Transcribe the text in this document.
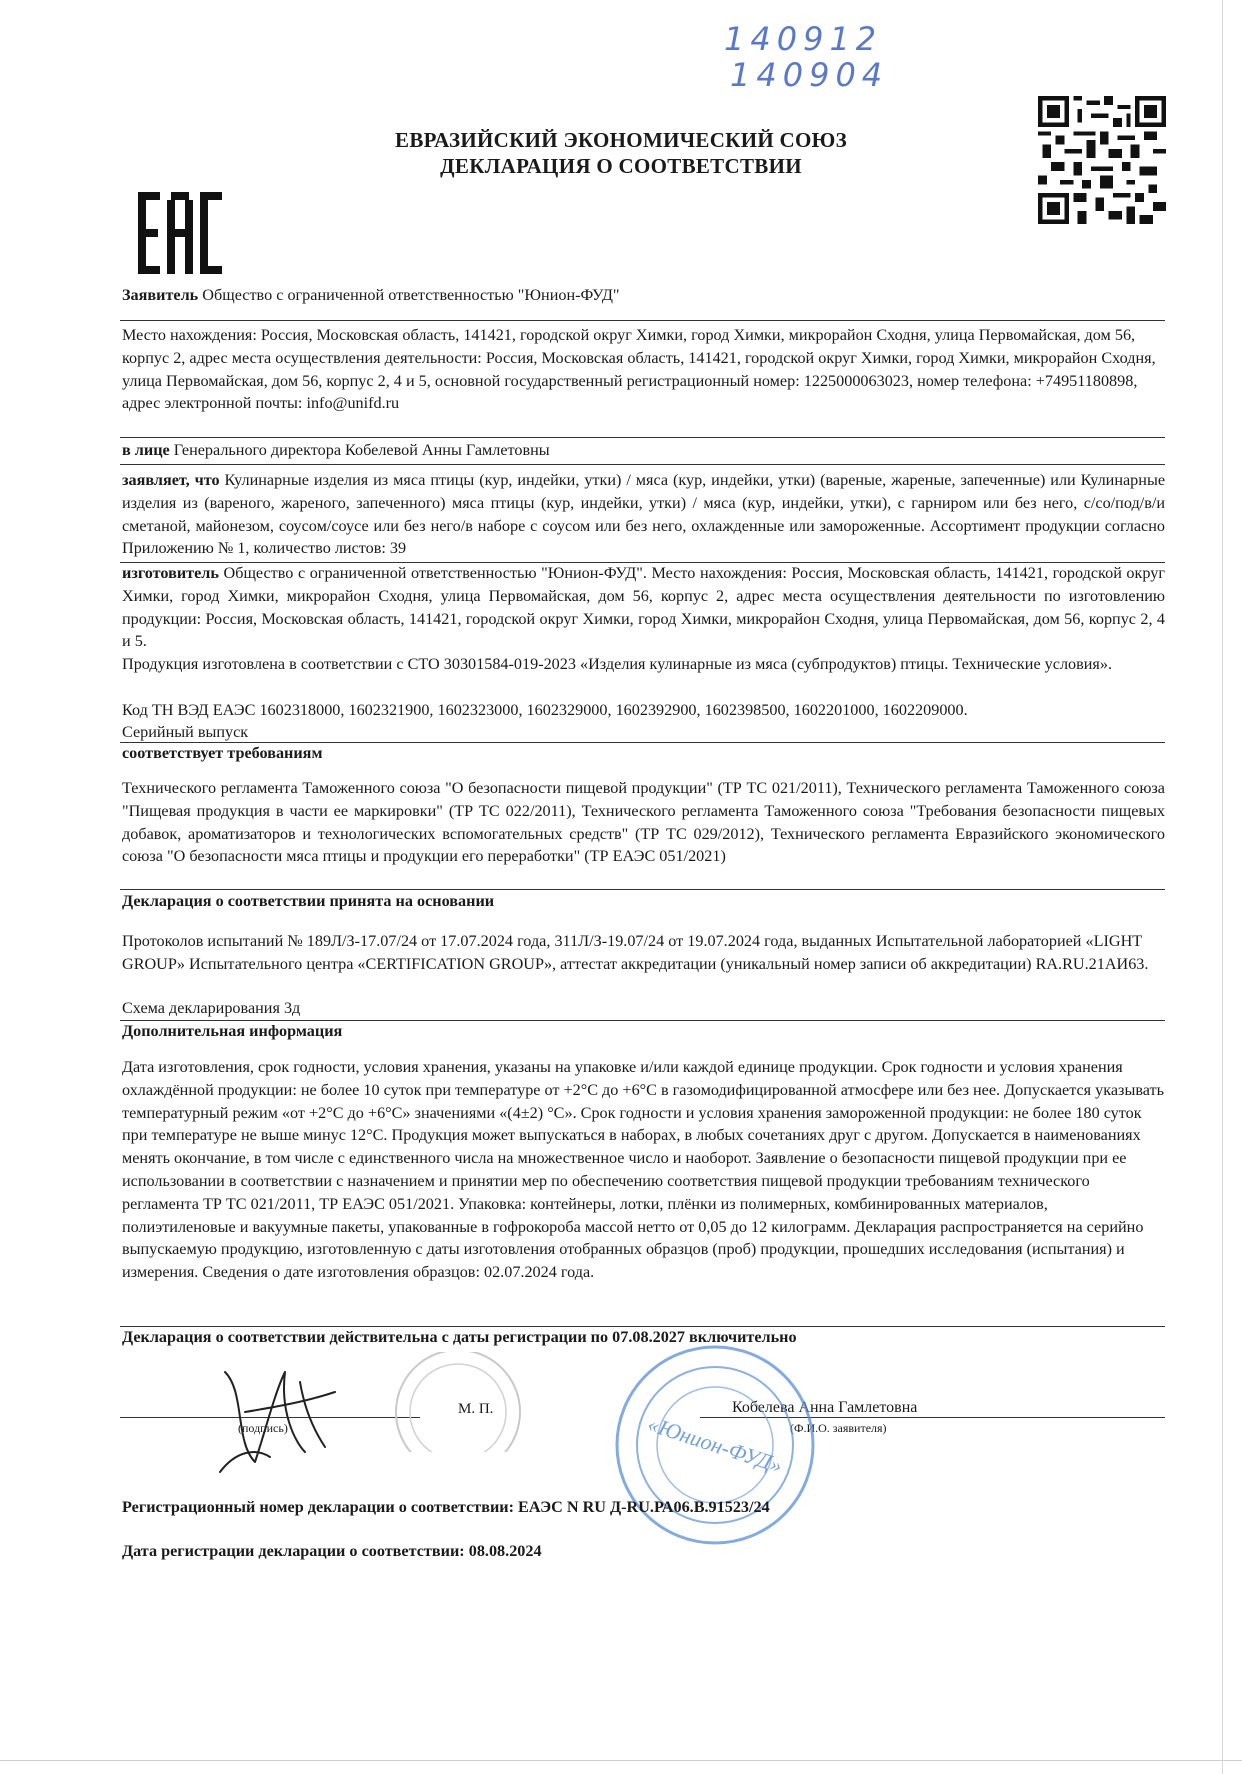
140912
140904
ЕВРАЗИЙСКИЙ ЭКОНОМИЧЕСКИЙ СОЮЗ
ДЕКЛАРАЦИЯ О СООТВЕТСТВИИ
Заявитель Общество с ограниченной ответственностью "Юнион-ФУД"
Место нахождения: Россия, Московская область, 141421, городской округ Химки, город Химки, микрорайон Сходня, улица Первомайская, дом 56, корпус 2, адрес места осуществления деятельности: Россия, Московская область, 141421, городской округ Химки, город Химки, микрорайон Сходня, улица Первомайская, дом 56, корпус 2, 4 и 5, основной государственный регистрационный номер: 1225000063023, номер телефона: +74951180898, адрес электронной почты: info@unifd.ru
в лице Генерального директора Кобелевой Анны Гамлетовны
заявляет, что Кулинарные изделия из мяса птицы (кур, индейки, утки) / мяса (кур, индейки, утки) (вареные, жареные, запеченные) или Кулинарные изделия из (вареного, жареного, запеченного) мяса птицы (кур, индейки, утки) / мяса (кур, индейки, утки), с гарниром или без него, с/со/под/в/и сметаной, майонезом, соусом/соусе или без него/в наборе с соусом или без него, охлажденные или замороженные. Ассортимент продукции согласно Приложению № 1, количество листов: 39
изготовитель Общество с ограниченной ответственностью "Юнион-ФУД". Место нахождения: Россия, Московская область, 141421, городской округ Химки, город Химки, микрорайон Сходня, улица Первомайская, дом 56, корпус 2, адрес места осуществления деятельности по изготовлению продукции: Россия, Московская область, 141421, городской округ Химки, город Химки, микрорайон Сходня, улица Первомайская, дом 56, корпус 2, 4 и 5.
Продукция изготовлена в соответствии с СТО 30301584-019-2023 «Изделия кулинарные из мяса (субпродуктов) птицы. Технические условия».
Код ТН ВЭД ЕАЭС 1602318000, 1602321900, 1602323000, 1602329000, 1602392900, 1602398500, 1602201000, 1602209000.
Серийный выпуск
соответствует требованиям
Технического регламента Таможенного союза "О безопасности пищевой продукции" (ТР ТС 021/2011), Технического регламента Таможенного союза "Пищевая продукция в части ее маркировки" (ТР ТС 022/2011), Технического регламента Таможенного союза "Требования безопасности пищевых добавок, ароматизаторов и технологических вспомогательных средств" (ТР ТС 029/2012), Технического регламента Евразийского экономического союза "О безопасности мяса птицы и продукции его переработки" (ТР ЕАЭС 051/2021)
Декларация о соответствии принята на основании
Протоколов испытаний № 189Л/З-17.07/24 от 17.07.2024 года, 311Л/З-19.07/24 от 19.07.2024 года, выданных Испытательной лабораторией «LIGHT GROUP» Испытательного центра «CERTIFICATION GROUP», аттестат аккредитации (уникальный номер записи об аккредитации) RA.RU.21АИ63.
Схема декларирования 3д
Дополнительная информация
Дата изготовления, срок годности, условия хранения, указаны на упаковке и/или каждой единице продукции. Срок годности и условия хранения охлаждённой продукции: не более 10 суток при температуре от +2°С до +6°С в газомодифицированной атмосфере или без нее. Допускается указывать температурный режим «от +2°С до +6°С» значениями «(4±2) °С». Срок годности и условия хранения замороженной продукции: не более 180 суток при температуре не выше минус 12°С. Продукция может выпускаться в наборах, в любых сочетаниях друг с другом. Допускается в наименованиях менять окончание, в том числе с единственного числа на множественное число и наоборот. Заявление о безопасности пищевой продукции при ее использовании в соответствии с назначением и принятии мер по обеспечению соответствия пищевой продукции требованиям технического регламента ТР ТС 021/2011, ТР ЕАЭС 051/2021. Упаковка: контейнеры, лотки, плёнки из полимерных, комбинированных материалов, полиэтиленовые и вакуумные пакеты, упакованные в гофрокороба массой нетто от 0,05 до 12 килограмм. Декларация распространяется на серийно выпускаемую продукцию, изготовленную с даты изготовления отобранных образцов (проб) продукции, прошедших исследования (испытания) и измерения. Сведения о дате изготовления образцов: 02.07.2024 года.
Декларация о соответствии действительна с даты регистрации по 07.08.2027 включительно
(подпись)
М. П.	Кобелева Анна Гамлетовна
(Ф.И.О. заявителя)
«Юнион-ФУД»
Регистрационный номер декларации о соответствии: ЕАЭС N RU Д-RU.РА06.В.91523/24
Дата регистрации декларации о соответствии: 08.08.2024
